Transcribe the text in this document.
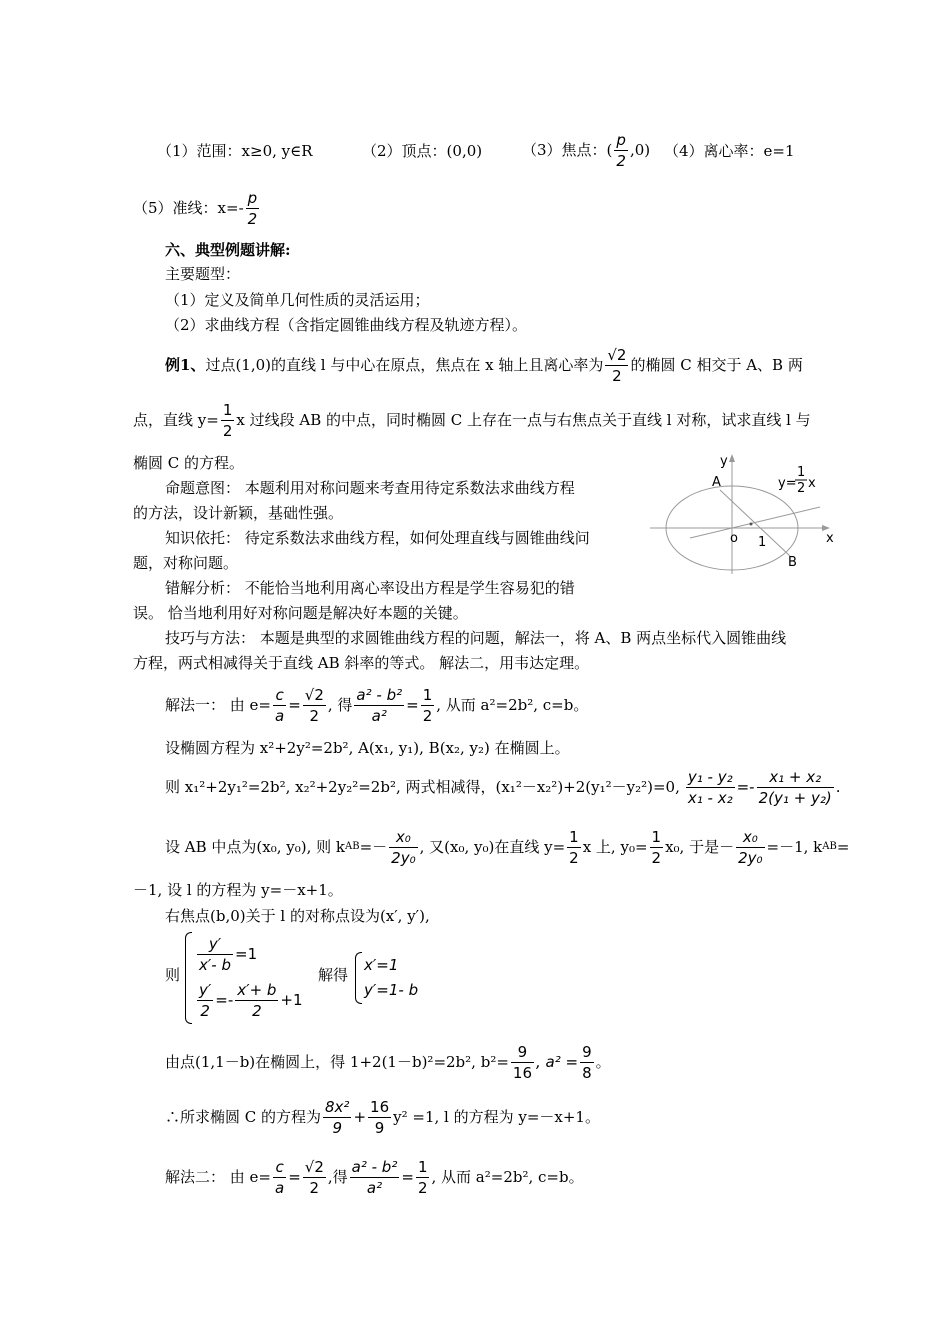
（1）范围：x≥0, y∈R	（2）顶点：(0,0)	（3）焦点：( $\frac{p}{2} ,0$) （4）离心率：e=1
（5）准线：$x=- \frac{p}{2}$
六、典型例题讲解:
主要题型：
（1）定义及简单几何性质的灵活运用；
（2）求曲线方程（含指定圆锥曲线方程及轨迹方程）。
例1、 过点(1,0)的直线 l 与中心在原点，焦点在 x 轴上且离心率为 $\frac{√2}{2}$ 的椭圆 C 相交于 A、B 两
点，直线 $y= \frac{1}{2}$ x 过线段 AB 的中点，同时椭圆 C 上存在一点与右焦点关于直线 l 对称，试求直线 l 与
椭圆 C 的方程。
命题意图： 本题利用对称问题来考查用待定系数法求曲线方程
的方法，设计新颖，基础性强。
知识依托： 待定系数法求曲线方程，如何处理直线与圆锥曲线问
题，对称问题。
错解分析： 不能恰当地利用离心率设出方程是学生容易犯的错
误。 恰当地利用好对称问题是解决好本题的关键。
技巧与方法： 本题是典型的求圆锥曲线方程的问题，解法一，将 A、B 两点坐标代入圆锥曲线
方程，两式相减得关于直线 AB 斜率的等式。 解法二，用韦达定理。
y
A
B
x
o 1
y=
1
2 x
解法一： 由 $e= \frac{c}{a} = \frac{√2}{2}$ , 得 $\frac{\text{a² - b²}}{\text{a²}} = \frac{1}{2}$ , 从而 a²=2b², c=b。
设椭圆方程为 x²+2y²=2b², A(x₁, y₁), B(x₂, y₂) 在椭圆上。
则 x₁²+2y₁²=2b², x₂²+2y₂²=2b², 两式相减得，(x₁²－x₂²)+2(y₁²－y₂²)=0, $\frac{\text{y₁ - y₂}}{\text{x₁ - x₂}} =- \frac{\text{x₁ + x₂}}{\text{2(y₁ + y₂)}}$ .
设 AB 中点为(x₀, y₀), 则 k AB =－ $\frac{\text{x₀}}{\text{2y₀}}$ , 又(x₀, y₀)在直线 $y= \frac{1}{2}$ x 上, $y_0= \frac{1}{2} x_0$, 于是－ $\frac{\text{x₀}}{\text{2y₀}} =-1$, k AB =
－1, 设 l 的方程为 y=－x+1。
右焦点(b,0)关于 l 的对称点设为(x′, y′),
则
$\frac{y'}{x'- b} =1$
$\frac{y'}{2} =- \frac{x'+ b}{2} +1$
解得
x′=1
y′=1- b
由点(1,1－b)在椭圆上，得 1+2(1－b)²=2b², $b^2= \frac{9}{16}$ , $a^2 = \frac{9}{8}$ 。
∴所求椭圆 C 的方程为 $\frac{\text{8x²}}{9} + \frac{16}{9} y^2 =1$, l 的方程为 y=－x+1。
解法二： 由 $e= \frac{c}{a} = \frac{√2}{2}$ ,得 $\frac{\text{a² - b²}}{\text{a²}} = \frac{1}{2}$ , 从而 a²=2b², c=b。
